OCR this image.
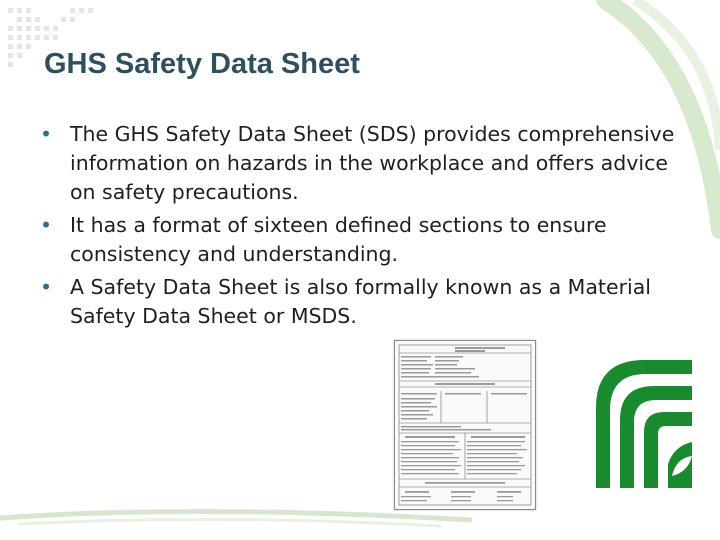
GHS Safety Data Sheet
• The GHS Safety Data Sheet (SDS) provides comprehensive information on hazards in the workplace and offers advice on safety precautions.
• It has a format of sixteen defined sections to ensure consistency and understanding.
• A Safety Data Sheet is also formally known as a Material Safety Data Sheet or MSDS.
